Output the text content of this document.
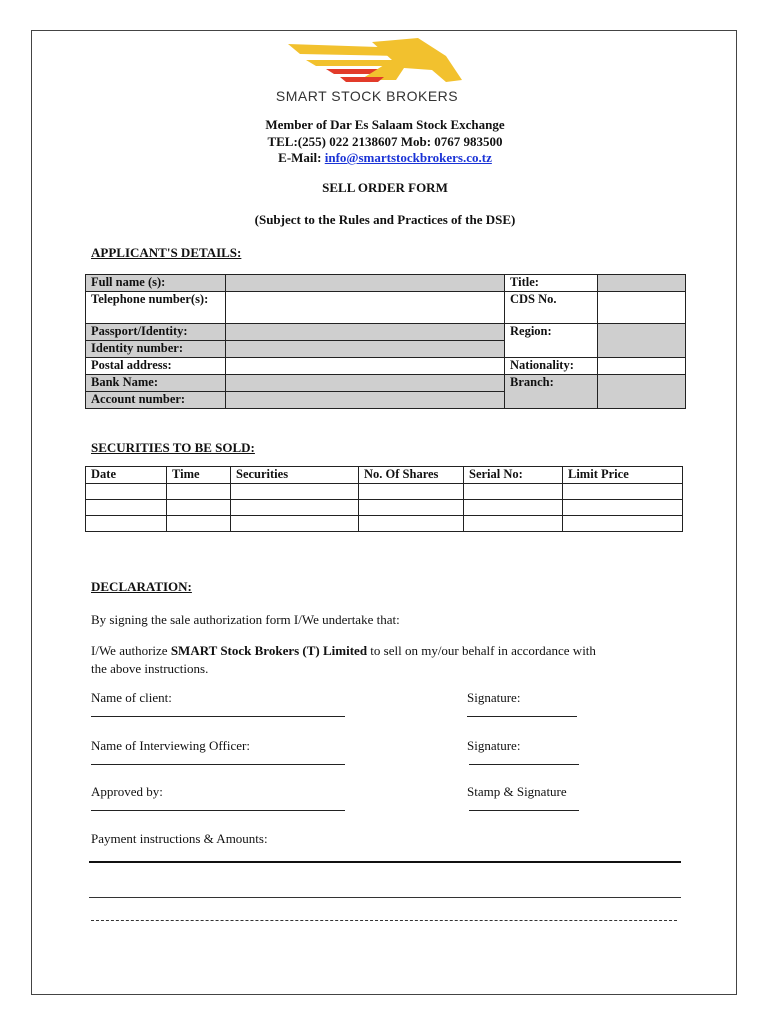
SMART STOCK BROKERS
Member of Dar Es Salaam Stock Exchange
TEL:(255) 022 2138607 Mob: 0767 983500
E-Mail: info@smartstockbrokers.co.tz
SELL ORDER FORM
(Subject to the Rules and Practices of the DSE)
APPLICANT'S DETAILS:
Full name (s):		Title:	
Telephone number(s):		CDS No.	
Passport/Identity:		Region:	
Identity number:			
Postal address:		Nationality:	
Bank Name:		Branch:	
Account number:			
SECURITIES TO BE SOLD:
Date	Time	Securities	No. Of Shares	Serial No:	Limit Price

DECLARATION:
By signing the sale authorization form I/We undertake that:
I/We authorize SMART Stock Brokers (T) Limited to sell on my/our behalf in accordance with
the above instructions.
Name of client:	Signature:
Name of Interviewing Officer:	Signature:
Approved by:	Stamp & Signature
Payment instructions & Amounts:
